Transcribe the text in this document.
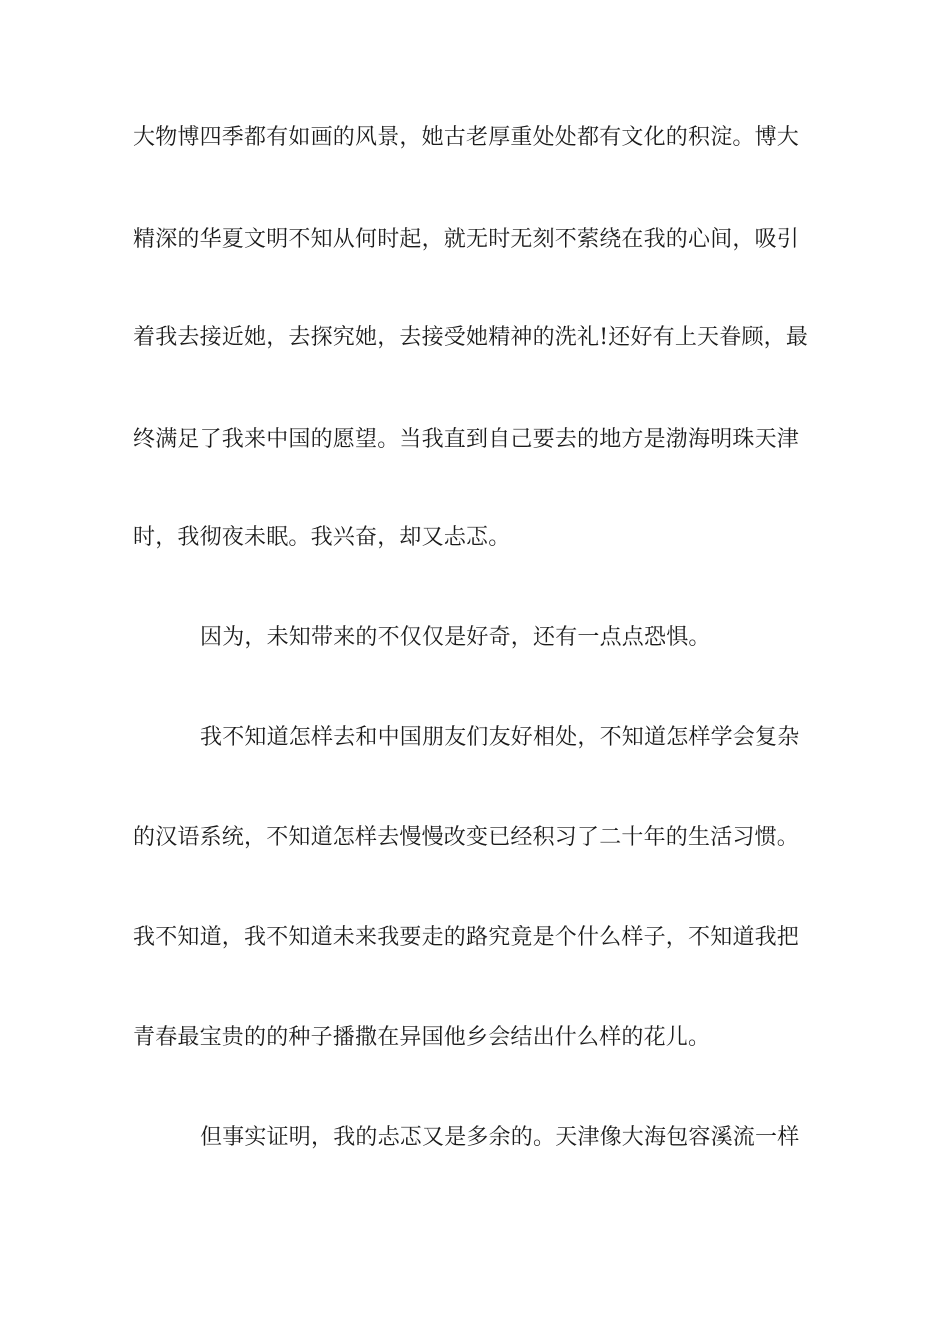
大物博四季都有如画的风景，她古老厚重处处都有文化的积淀。博大
精深的华夏文明不知从何时起，就无时无刻不萦绕在我的心间，吸引
着我去接近她，去探究她，去接受她精神的洗礼!还好有上天眷顾，最
终满足了我来中国的愿望。当我直到自己要去的地方是渤海明珠天津
时，我彻夜未眠。我兴奋，却又忐忑。
因为，未知带来的不仅仅是好奇，还有一点点恐惧。
我不知道怎样去和中国朋友们友好相处，不知道怎样学会复杂
的汉语系统，不知道怎样去慢慢改变已经积习了二十年的生活习惯。
我不知道，我不知道未来我要走的路究竟是个什么样子，不知道我把
青春最宝贵的的种子播撒在异国他乡会结出什么样的花儿。
但事实证明，我的忐忑又是多余的。天津像大海包容溪流一样
